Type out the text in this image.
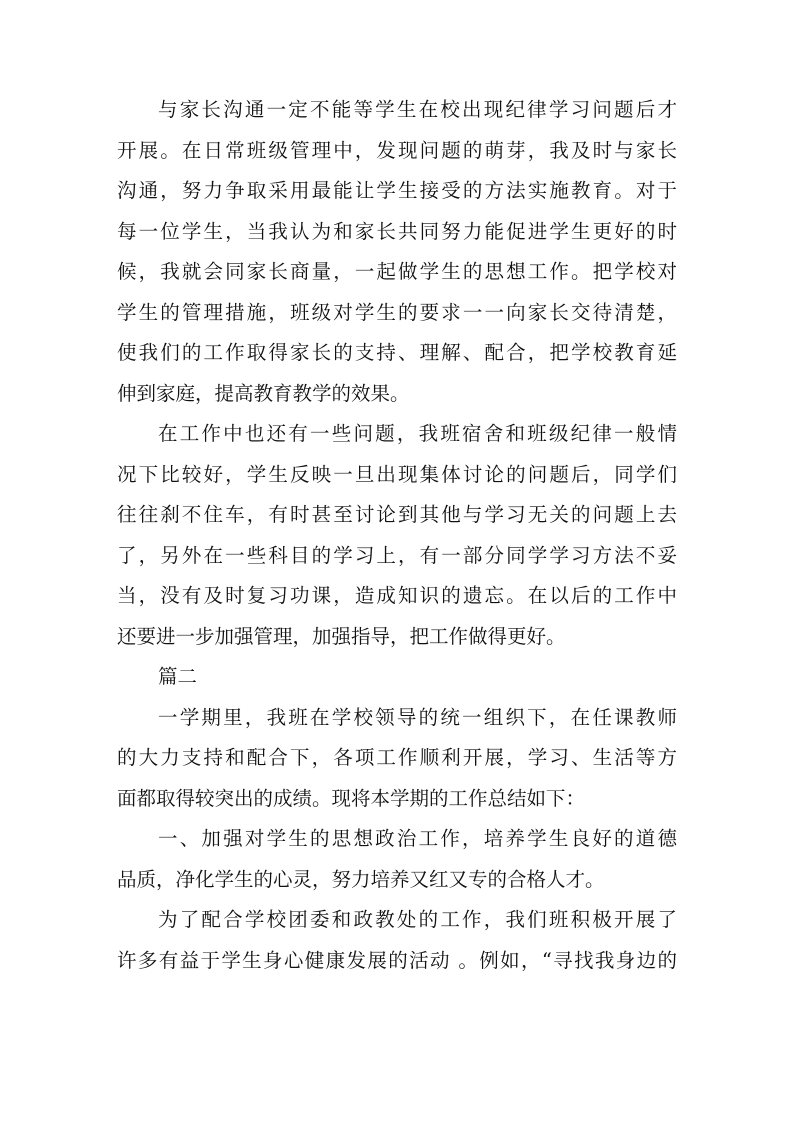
与家长沟通一定不能等学生在校出现纪律学习问题后才
开展。在日常班级管理中，发现问题的萌芽，我及时与家长
沟通，努力争取采用最能让学生接受的方法实施教育。对于
每一位学生，当我认为和家长共同努力能促进学生更好的时
候，我就会同家长商量，一起做学生的思想工作。把学校对
学生的管理措施，班级对学生的要求一一向家长交待清楚，
使我们的工作取得家长的支持、理解、配合，把学校教育延
伸到家庭，提高教育教学的效果。
在工作中也还有一些问题，我班宿舍和班级纪律一般情
况下比较好，学生反映一旦出现集体讨论的问题后，同学们
往往刹不住车，有时甚至讨论到其他与学习无关的问题上去
了，另外在一些科目的学习上，有一部分同学学习方法不妥
当，没有及时复习功课，造成知识的遗忘。在以后的工作中
还要进一步加强管理，加强指导，把工作做得更好。
篇二
一学期里，我班在学校领导的统一组织下，在任课教师
的大力支持和配合下，各项工作顺利开展，学习、生活等方
面都取得较突出的成绩。现将本学期的工作总结如下：
一、加强对学生的思想政治工作，培养学生良好的道德
品质，净化学生的心灵，努力培养又红又专的合格人才。
为了配合学校团委和政教处的工作，我们班积极开展了
许多有益于学生身心健康发展的活动 。例如，“寻找我身边的
